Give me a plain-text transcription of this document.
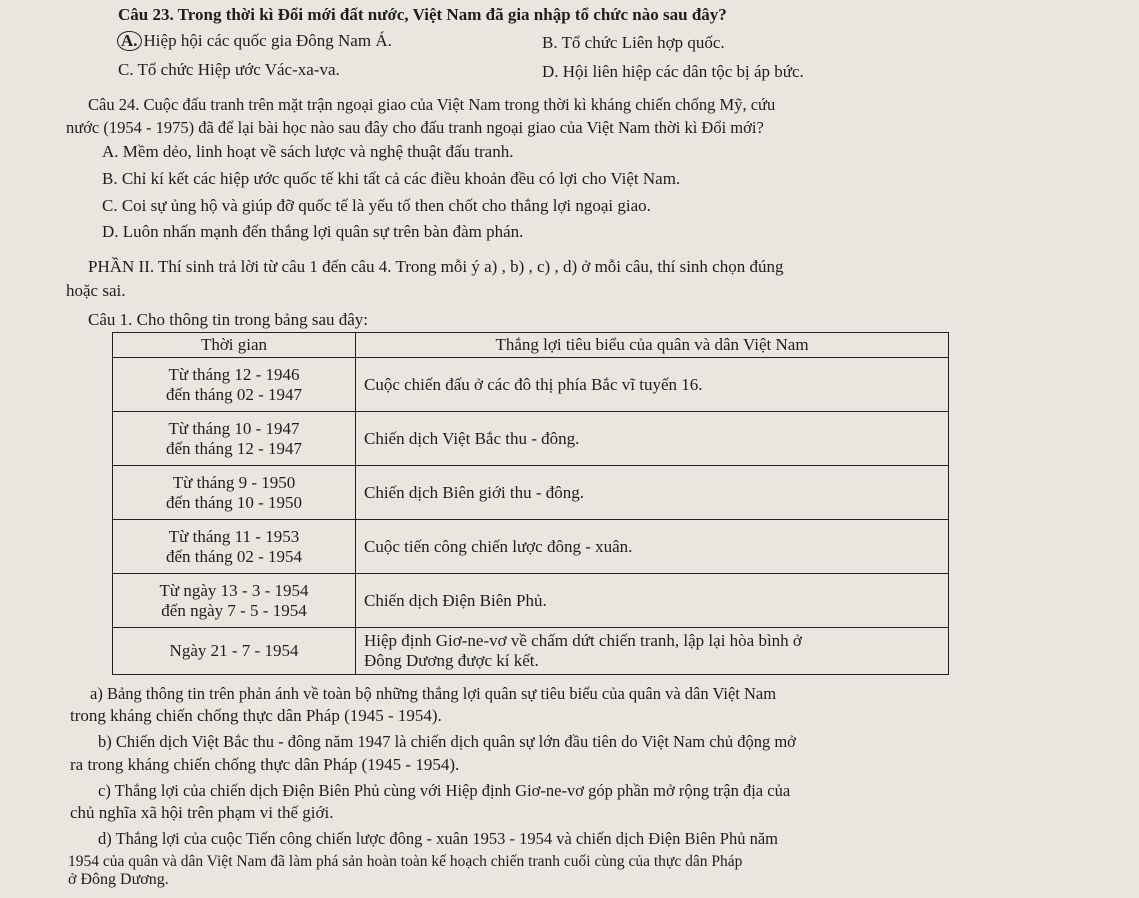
Câu 23. Trong thời kì Đổi mới đất nước, Việt Nam đã gia nhập tổ chức nào sau đây?
A. Hiệp hội các quốc gia Đông Nam Á.	B. Tổ chức Liên hợp quốc.
C. Tổ chức Hiệp ước Vác-xa-va.	D. Hội liên hiệp các dân tộc bị áp bức.
Câu 24. Cuộc đấu tranh trên mặt trận ngoại giao của Việt Nam trong thời kì kháng chiến chống Mỹ, cứu
nước (1954 - 1975) đã để lại bài học nào sau đây cho đấu tranh ngoại giao của Việt Nam thời kì Đổi mới?
A. Mềm dẻo, linh hoạt về sách lược và nghệ thuật đấu tranh.
B. Chỉ kí kết các hiệp ước quốc tế khi tất cả các điều khoản đều có lợi cho Việt Nam.
C. Coi sự ủng hộ và giúp đỡ quốc tế là yếu tố then chốt cho thắng lợi ngoại giao.
D. Luôn nhấn mạnh đến thắng lợi quân sự trên bàn đàm phán.
PHẦN II. Thí sinh trả lời từ câu 1 đến câu 4. Trong mỗi ý a) , b) , c) , d) ở mỗi câu, thí sinh chọn đúng
hoặc sai.
Câu 1. Cho thông tin trong bảng sau đây:
Thời gian	Thắng lợi tiêu biểu của quân và dân Việt Nam
Từ tháng 12 - 1946
đến tháng 02 - 1947	Cuộc chiến đấu ở các đô thị phía Bắc vĩ tuyến 16.
Từ tháng 10 - 1947
đến tháng 12 - 1947	Chiến dịch Việt Bắc thu - đông.
Từ tháng 9 - 1950
đến tháng 10 - 1950	Chiến dịch Biên giới thu - đông.
Từ tháng 11 - 1953
đến tháng 02 - 1954	Cuộc tiến công chiến lược đông - xuân.
Từ ngày 13 - 3 - 1954
đến ngày 7 - 5 - 1954	Chiến dịch Điện Biên Phủ.
Ngày 21 - 7 - 1954	Hiệp định Giơ-ne-vơ về chấm dứt chiến tranh, lập lại hòa bình ở
Đông Dương được kí kết.
a) Bảng thông tin trên phản ánh về toàn bộ những thắng lợi quân sự tiêu biểu của quân và dân Việt Nam
trong kháng chiến chống thực dân Pháp (1945 - 1954).
b) Chiến dịch Việt Bắc thu - đông năm 1947 là chiến dịch quân sự lớn đầu tiên do Việt Nam chủ động mở
ra trong kháng chiến chống thực dân Pháp (1945 - 1954).
c) Thắng lợi của chiến dịch Điện Biên Phủ cùng với Hiệp định Giơ-ne-vơ góp phần mở rộng trận địa của
chủ nghĩa xã hội trên phạm vi thế giới.
d) Thắng lợi của cuộc Tiến công chiến lược đông - xuân 1953 - 1954 và chiến dịch Điện Biên Phủ năm
1954 của quân và dân Việt Nam đã làm phá sản hoàn toàn kế hoạch chiến tranh cuối cùng của thực dân Pháp
ở Đông Dương.
